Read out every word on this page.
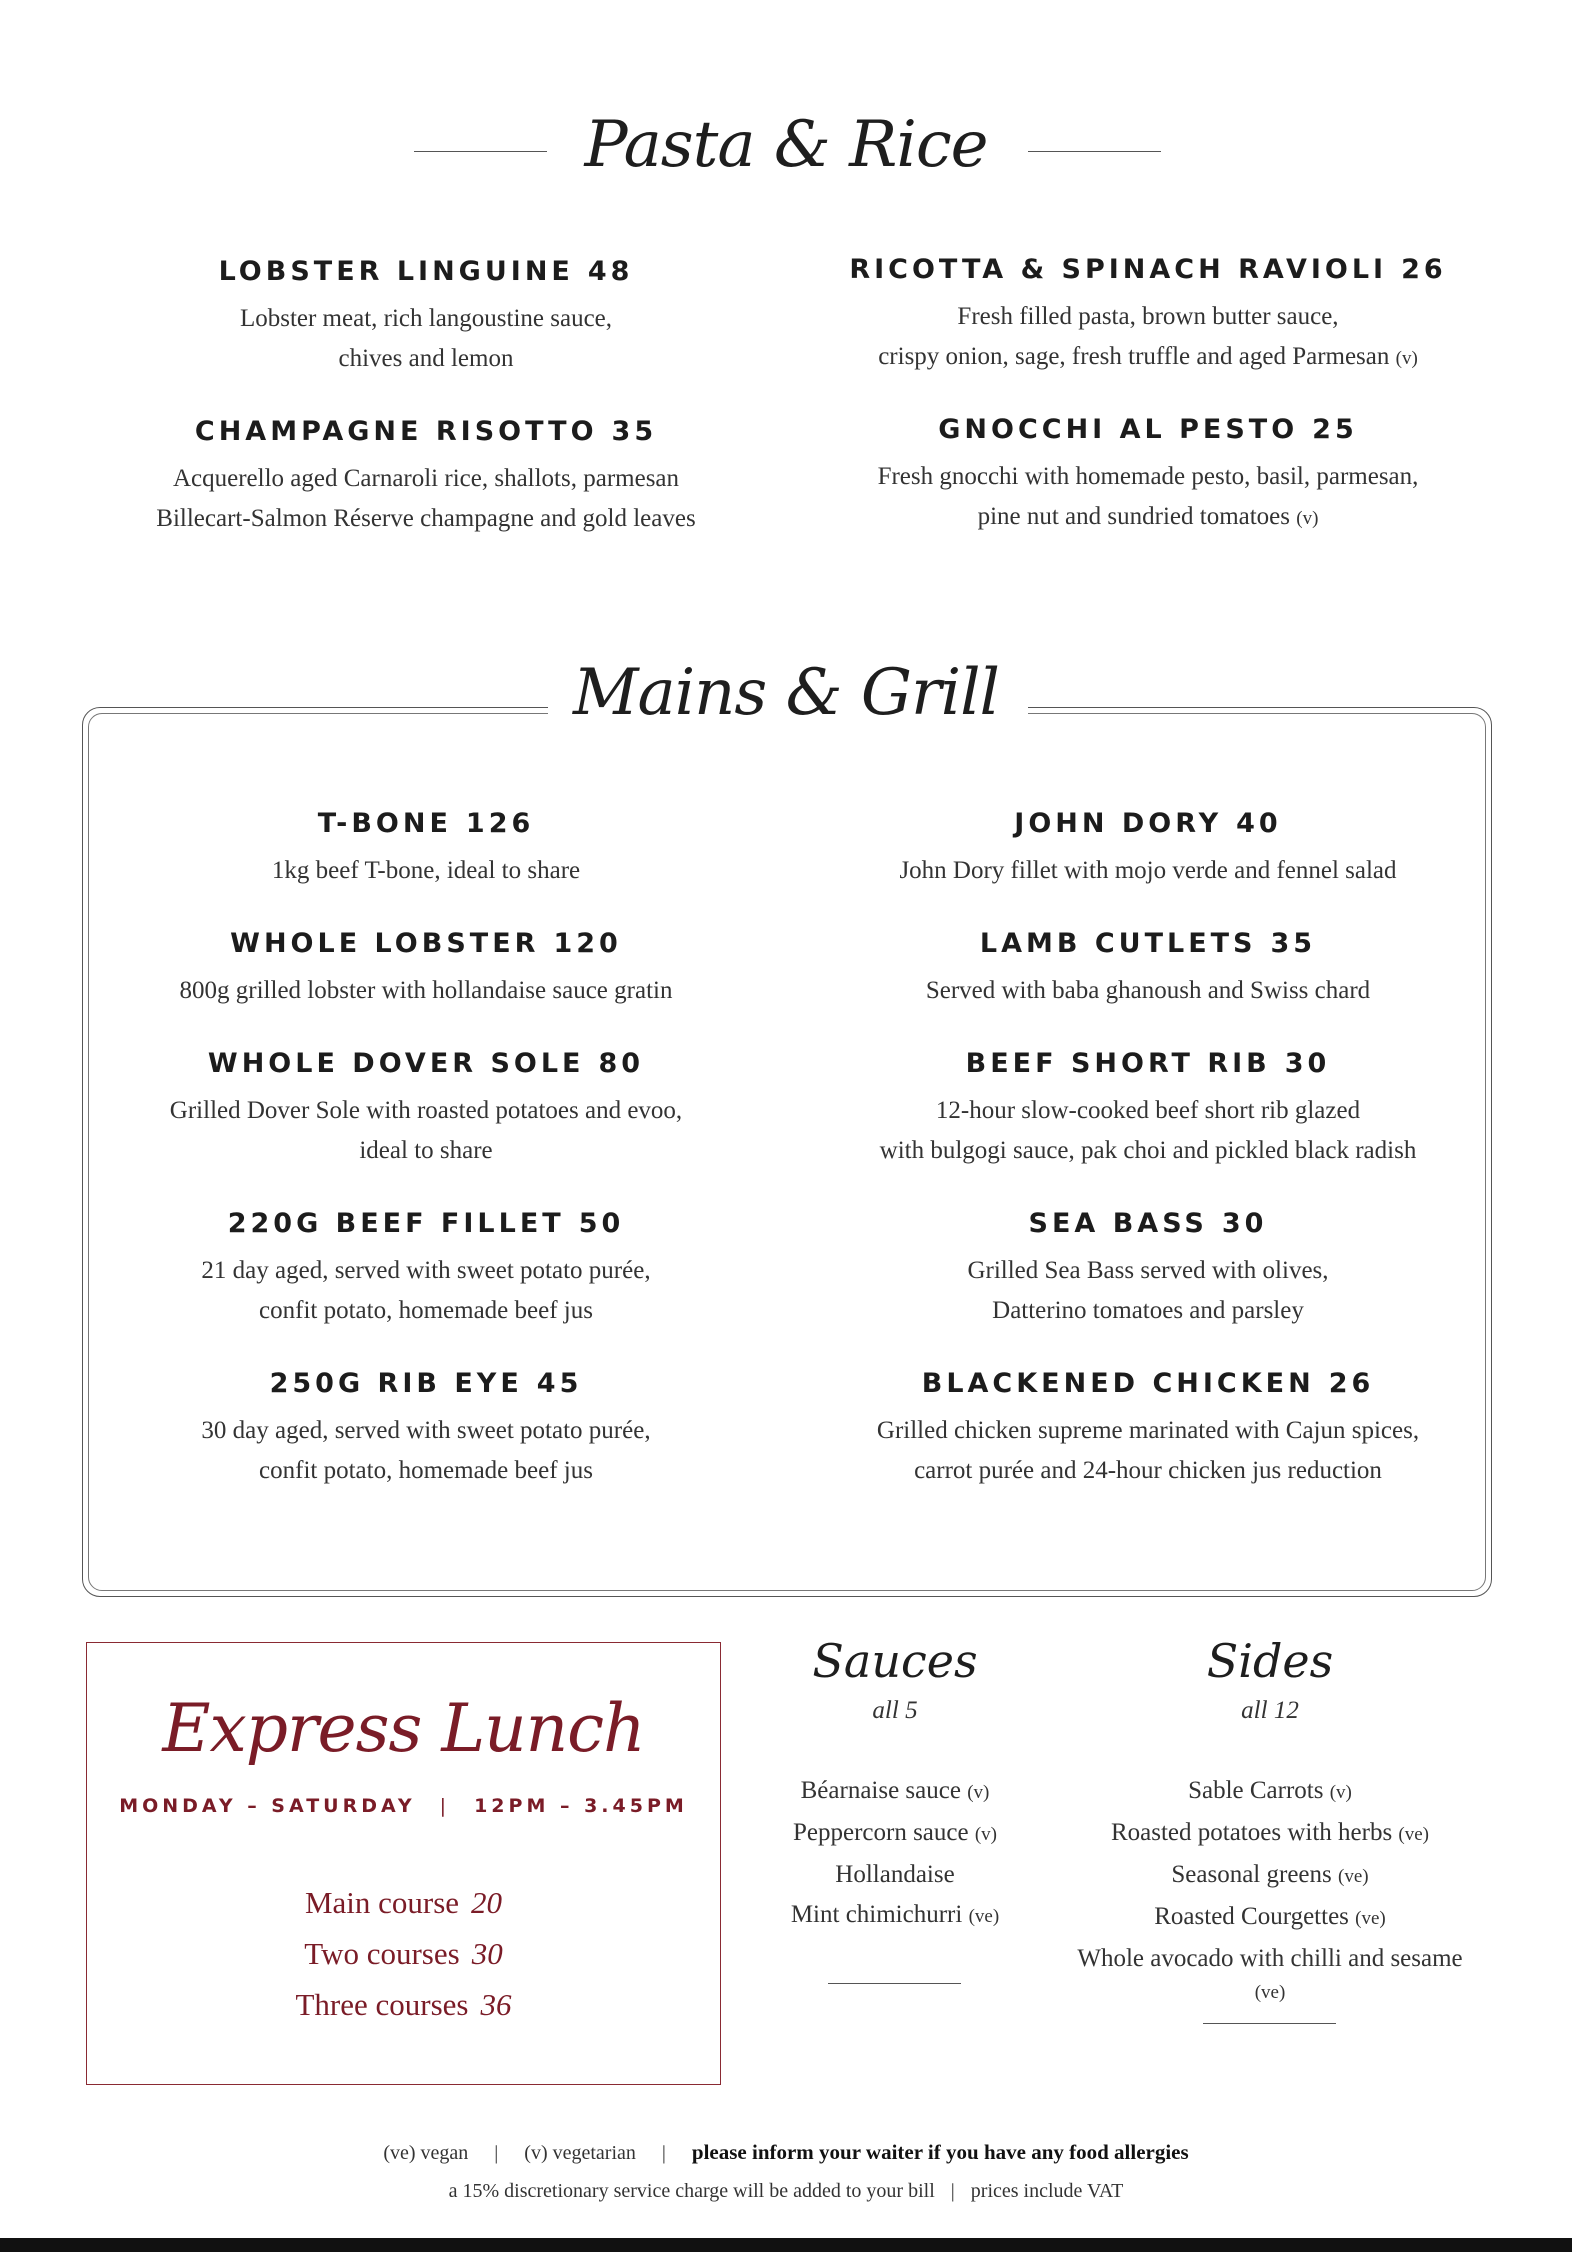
Pasta & Rice
LOBSTER LINGUINE 48
Lobster meat, rich langoustine sauce,
chives and lemon
RICOTTA & SPINACH RAVIOLI 26
Fresh filled pasta, brown butter sauce,
crispy onion, sage, fresh truffle and aged Parmesan (v)
CHAMPAGNE RISOTTO 35
Acquerello aged Carnaroli rice, shallots, parmesan
Billecart-Salmon Réserve champagne and gold leaves
GNOCCHI AL PESTO 25
Fresh gnocchi with homemade pesto, basil, parmesan,
pine nut and sundried tomatoes (v)
Mains & Grill
T-BONE 126
1kg beef T-bone, ideal to share
JOHN DORY 40
John Dory fillet with mojo verde and fennel salad
WHOLE LOBSTER 120
800g grilled lobster with hollandaise sauce gratin
LAMB CUTLETS 35
Served with baba ghanoush and Swiss chard
WHOLE DOVER SOLE 80
Grilled Dover Sole with roasted potatoes and evoo,
ideal to share
BEEF SHORT RIB 30
12-hour slow-cooked beef short rib glazed
with bulgogi sauce, pak choi and pickled black radish
220G BEEF FILLET 50
21 day aged, served with sweet potato purée,
confit potato, homemade beef jus
SEA BASS 30
Grilled Sea Bass served with olives,
Datterino tomatoes and parsley
250G RIB EYE 45
30 day aged, served with sweet potato purée,
confit potato, homemade beef jus
BLACKENED CHICKEN 26
Grilled chicken supreme marinated with Cajun spices,
carrot purée and 24-hour chicken jus reduction
Express Lunch
MONDAY – SATURDAY | 12PM – 3.45PM
Main course 20
Two courses 30
Three courses 36
Sauces
all 5
Béarnaise sauce (v)
Peppercorn sauce (v)
Hollandaise
Mint chimichurri (ve)
Sides
all 12
Sable Carrots (v)
Roasted potatoes with herbs (ve)
Seasonal greens (ve)
Roasted Courgettes (ve)
Whole avocado with chilli and sesame
(ve)
(ve) vegan | (v) vegetarian | please inform your waiter if you have any food allergies
a 15% discretionary service charge will be added to your bill | prices include VAT
